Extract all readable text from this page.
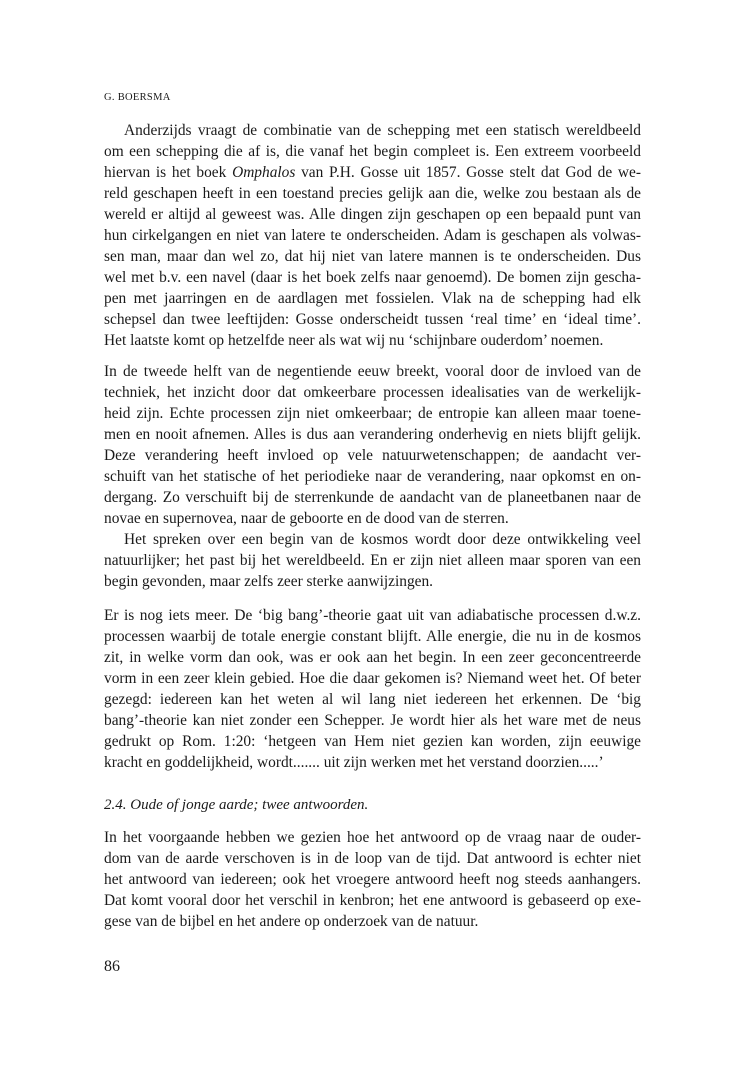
G. BOERSMA
Anderzijds vraagt de combinatie van de schepping met een statisch wereldbeeld
om een schepping die af is, die vanaf het begin compleet is. Een extreem voorbeeld
hiervan is het boek Omphalos van P.H. Gosse uit 1857. Gosse stelt dat God de we-
reld geschapen heeft in een toestand precies gelijk aan die, welke zou bestaan als de
wereld er altijd al geweest was. Alle dingen zijn geschapen op een bepaald punt van
hun cirkelgangen en niet van latere te onderscheiden. Adam is geschapen als volwas-
sen man, maar dan wel zo, dat hij niet van latere mannen is te onderscheiden. Dus
wel met b.v. een navel (daar is het boek zelfs naar genoemd). De bomen zijn gescha-
pen met jaarringen en de aardlagen met fossielen. Vlak na de schepping had elk
schepsel dan twee leeftijden: Gosse onderscheidt tussen ‘real time’ en ‘ideal time’.
Het laatste komt op hetzelfde neer als wat wij nu ‘schijnbare ouderdom’ noemen.
In de tweede helft van de negentiende eeuw breekt, vooral door de invloed van de
techniek, het inzicht door dat omkeerbare processen idealisaties van de werkelijk-
heid zijn. Echte processen zijn niet omkeerbaar; de entropie kan alleen maar toene-
men en nooit afnemen. Alles is dus aan verandering onderhevig en niets blijft gelijk.
Deze verandering heeft invloed op vele natuurwetenschappen; de aandacht ver-
schuift van het statische of het periodieke naar de verandering, naar opkomst en on-
dergang. Zo verschuift bij de sterrenkunde de aandacht van de planeetbanen naar de
novae en supernovea, naar de geboorte en de dood van de sterren.
Het spreken over een begin van de kosmos wordt door deze ontwikkeling veel
natuurlijker; het past bij het wereldbeeld. En er zijn niet alleen maar sporen van een
begin gevonden, maar zelfs zeer sterke aanwijzingen.
Er is nog iets meer. De ‘big bang’-theorie gaat uit van adiabatische processen d.w.z.
processen waarbij de totale energie constant blijft. Alle energie, die nu in de kosmos
zit, in welke vorm dan ook, was er ook aan het begin. In een zeer geconcentreerde
vorm in een zeer klein gebied. Hoe die daar gekomen is? Niemand weet het. Of beter
gezegd: iedereen kan het weten al wil lang niet iedereen het erkennen. De ‘big
bang’-theorie kan niet zonder een Schepper. Je wordt hier als het ware met de neus
gedrukt op Rom. 1:20: ‘hetgeen van Hem niet gezien kan worden, zijn eeuwige
kracht en goddelijkheid, wordt....... uit zijn werken met het verstand doorzien.....’
2.4. Oude of jonge aarde; twee antwoorden.
In het voorgaande hebben we gezien hoe het antwoord op de vraag naar de ouder-
dom van de aarde verschoven is in de loop van de tijd. Dat antwoord is echter niet
het antwoord van iedereen; ook het vroegere antwoord heeft nog steeds aanhangers.
Dat komt vooral door het verschil in kenbron; het ene antwoord is gebaseerd op exe-
gese van de bijbel en het andere op onderzoek van de natuur.
86
